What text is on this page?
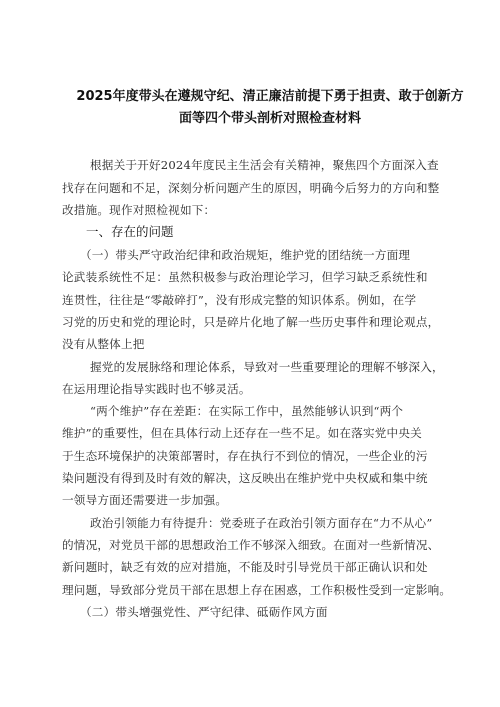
2025年度带头在遵规守纪、清正廉洁前提下勇于担责、敢于创新方
面等四个带头剖析对照检查材料
根据关于开好2024年度民主生活会有关精神，聚焦四个方面深入查
找存在问题和不足，深刻分析问题产生的原因，明确今后努力的方向和整
改措施。现作对照检视如下：
一、存在的问题
（一）带头严守政治纪律和政治规矩，维护党的团结统一方面理
论武装系统性不足：虽然积极参与政治理论学习，但学习缺乏系统性和
连贯性，往往是“零敲碎打”，没有形成完整的知识体系。例如，在学
习党的历史和党的理论时，只是碎片化地了解一些历史事件和理论观点，
没有从整体上把
握党的发展脉络和理论体系，导致对一些重要理论的理解不够深入，
在运用理论指导实践时也不够灵活。
“两个维护”存在差距：在实际工作中，虽然能够认识到“两个
维护”的重要性，但在具体行动上还存在一些不足。如在落实党中央关
于生态环境保护的决策部署时，存在执行不到位的情况，一些企业的污
染问题没有得到及时有效的解决，这反映出在维护党中央权威和集中统
一领导方面还需要进一步加强。
政治引领能力有待提升：党委班子在政治引领方面存在“力不从心”
的情况，对党员干部的思想政治工作不够深入细致。在面对一些新情况、
新问题时，缺乏有效的应对措施，不能及时引导党员干部正确认识和处
理问题，导致部分党员干部在思想上存在困惑，工作积极性受到一定影响。
（二）带头增强党性、严守纪律、砥砺作风方面
